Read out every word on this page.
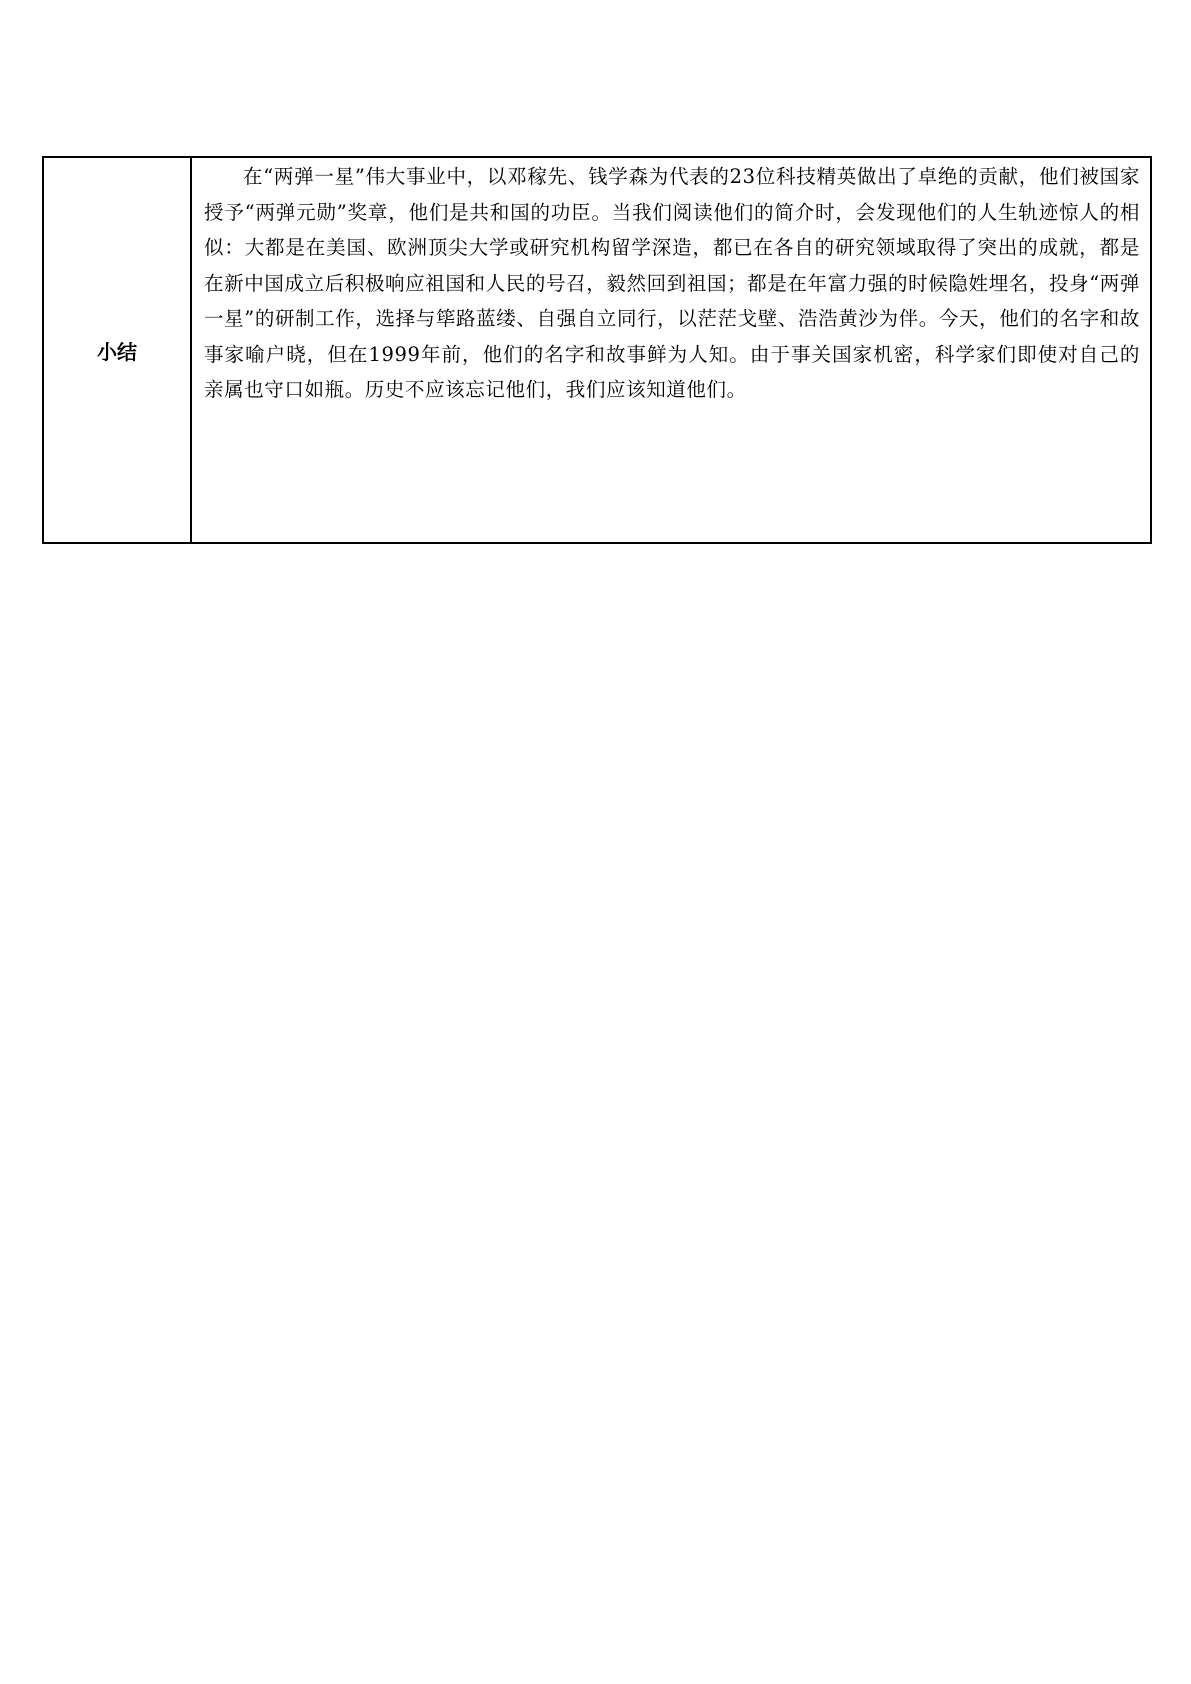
小结	

在“两弹一星”伟大事业中，以邓稼先、钱学森为代表的23位科技精英做出了卓绝的贡献，他们被国家授予“两弹元勋”奖章，他们是共和国的功臣。当我们阅读他们的简介时，会发现他们的人生轨迹惊人的相似：大都是在美国、欧洲顶尖大学或研究机构留学深造，都已在各自的研究领域取得了突出的成就，都是在新中国成立后积极响应祖国和人民的号召，毅然回到祖国；都是在年富力强的时候隐姓埋名，投身“两弹一星”的研制工作，选择与筚路蓝缕、自强自立同行，以茫茫戈壁、浩浩黄沙为伴。今天，他们的名字和故事家喻户晓，但在1999年前，他们的名字和故事鲜为人知。由于事关国家机密，科学家们即使对自己的亲属也守口如瓶。历史不应该忘记他们，我们应该知道他们。
